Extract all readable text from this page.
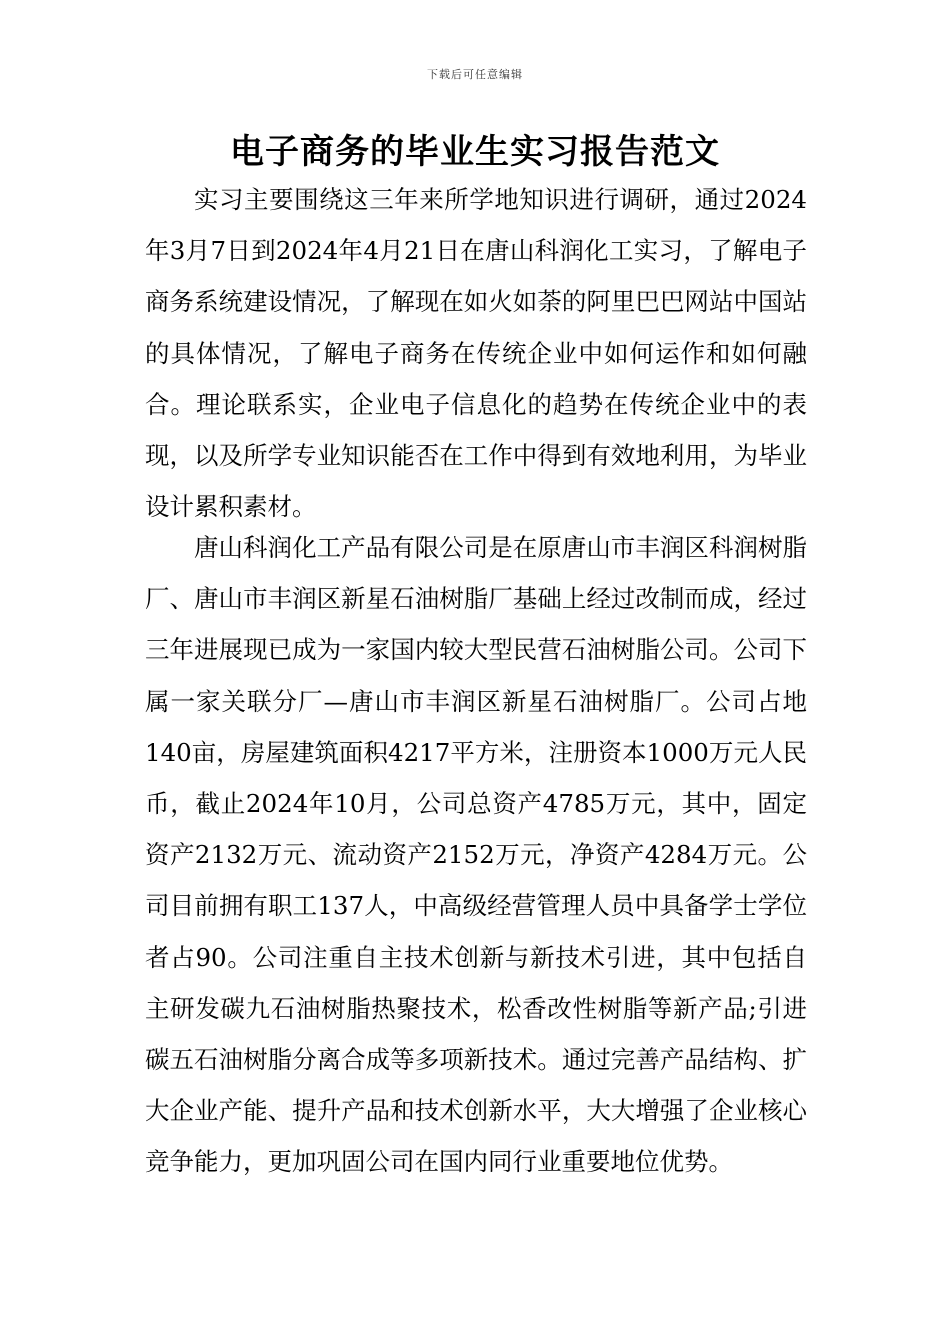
下载后可任意编辑
电子商务的毕业生实习报告范文

实习主要围绕这三年来所学地知识进行调研，通过2024年3月7日到2024年4月21日在唐山科润化工实习，了解电子商务系统建设情况，了解现在如火如荼的阿里巴巴网站中国站的具体情况，了解电子商务在传统企业中如何运作和如何融合。理论联系实，企业电子信息化的趋势在传统企业中的表现，以及所学专业知识能否在工作中得到有效地利用，为毕业设计累积素材。

唐山科润化工产品有限公司是在原唐山市丰润区科润树脂厂、唐山市丰润区新星石油树脂厂基础上经过改制而成，经过三年进展现已成为一家国内较大型民营石油树脂公司。公司下属一家关联分厂—唐山市丰润区新星石油树脂厂。公司占地140亩，房屋建筑面积4217平方米，注册资本1000万元人民币，截止2024年10月，公司总资产4785万元，其中，固定资产2132万元、流动资产2152万元，净资产4284万元。公司目前拥有职工137人，中高级经营管理人员中具备学士学位者占90。公司注重自主技术创新与新技术引进，其中包括自主研发碳九石油树脂热聚技术，松香改性树脂等新产品;引进碳五石油树脂分离合成等多项新技术。通过完善产品结构、扩大企业产能、提升产品和技术创新水平，大大增强了企业核心竞争能力，更加巩固公司在国内同行业重要地位优势。
